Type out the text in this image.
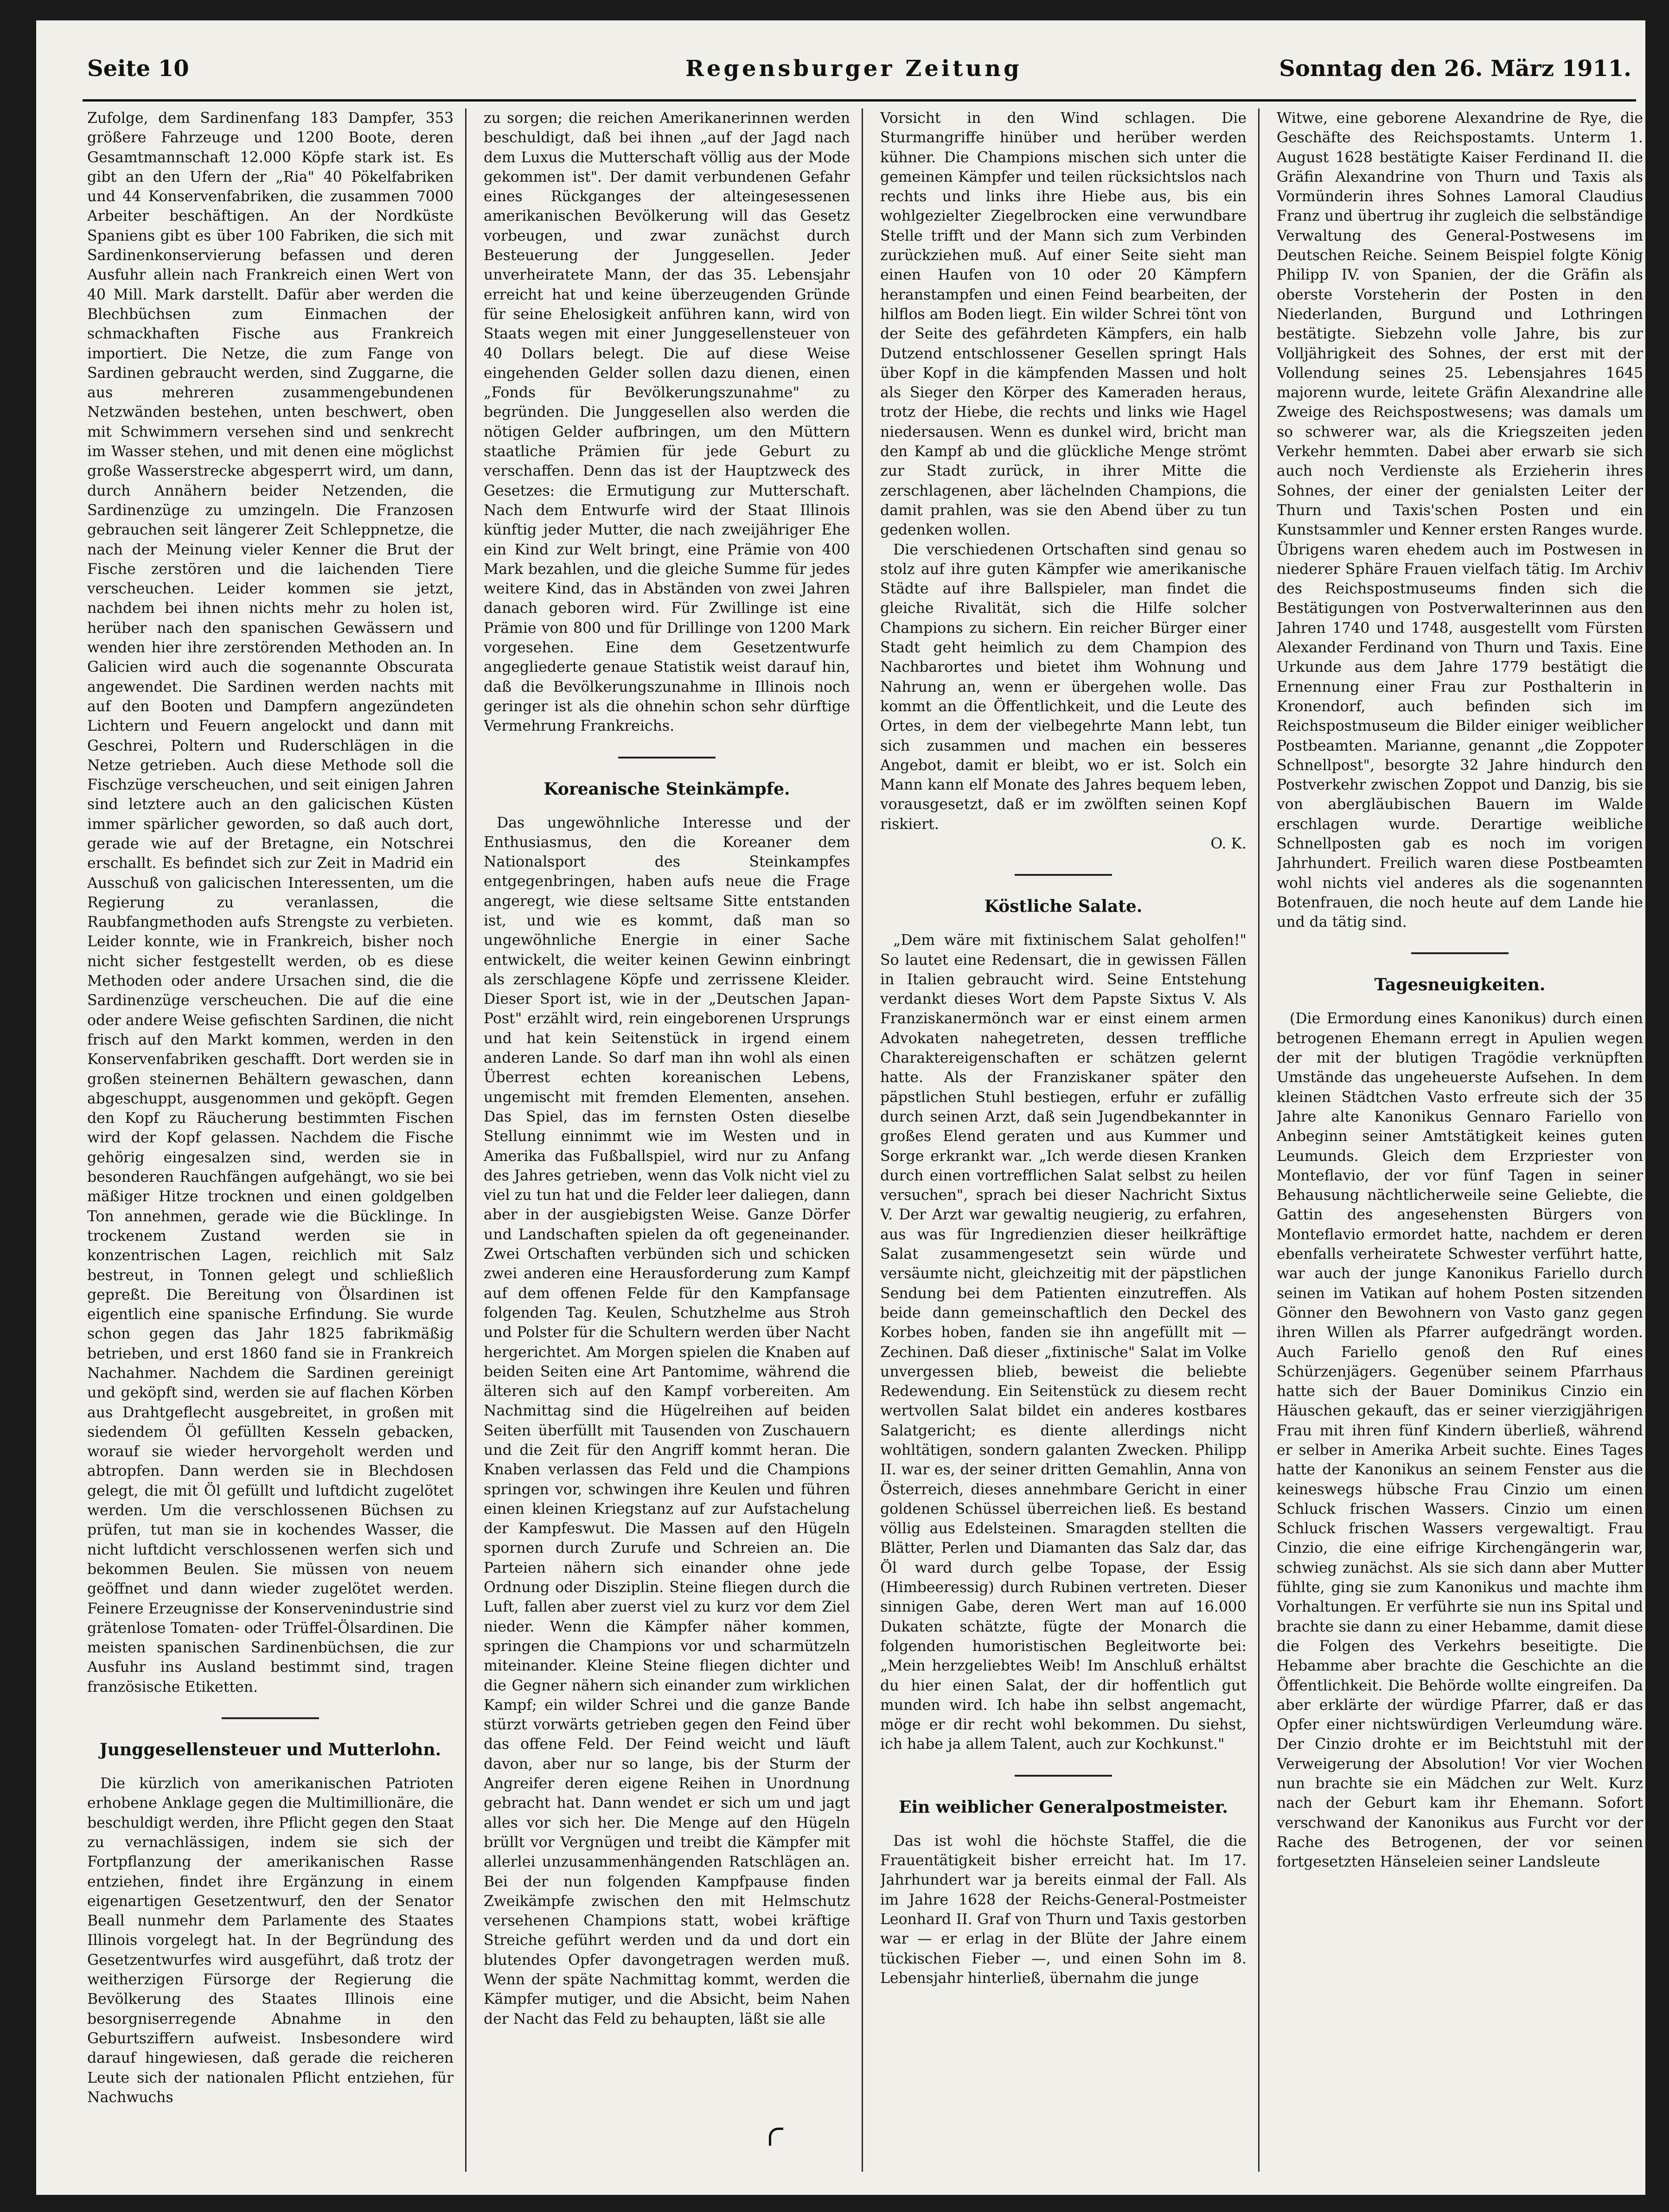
Seite 10	Regensburger Zeitung	Sonntag den 26. März 1911.

Zufolge, dem Sardinenfang 183 Dampfer, 353 größere Fahrzeuge und 1200 Boote, deren Gesamtmannschaft 12.000 Köpfe stark ist. Es gibt an den Ufern der „Ria" 40 Pökelfabriken und 44 Konservenfabriken, die zusammen 7000 Arbeiter beschäftigen. An der Nordküste Spaniens gibt es über 100 Fabriken, die sich mit Sardinenkonservierung befassen und deren Ausfuhr allein nach Frankreich einen Wert von 40 Mill. Mark darstellt. Dafür aber werden die Blechbüchsen zum Einmachen der schmackhaften Fische aus Frankreich importiert. Die Netze, die zum Fange von Sardinen gebraucht werden, sind Zuggarne, die aus mehreren zusammengebundenen Netzwänden bestehen, unten beschwert, oben mit Schwimmern versehen sind und senkrecht im Wasser stehen, und mit denen eine möglichst große Wasserstrecke abgesperrt wird, um dann, durch Annähern beider Netzenden, die Sardinenzüge zu umzingeln. Die Franzosen gebrauchen seit längerer Zeit Schleppnetze, die nach der Meinung vieler Kenner die Brut der Fische zerstören und die laichenden Tiere verscheuchen. Leider kommen sie jetzt, nachdem bei ihnen nichts mehr zu holen ist, herüber nach den spanischen Gewässern und wenden hier ihre zerstörenden Methoden an. In Galicien wird auch die sogenannte Obscurata angewendet. Die Sardinen werden nachts mit auf den Booten und Dampfern angezündeten Lichtern und Feuern angelockt und dann mit Geschrei, Poltern und Ruderschlägen in die Netze getrieben. Auch diese Methode soll die Fischzüge verscheuchen, und seit einigen Jahren sind letztere auch an den galicischen Küsten immer spärlicher geworden, so daß auch dort, gerade wie auf der Bretagne, ein Notschrei erschallt. Es befindet sich zur Zeit in Madrid ein Ausschuß von galicischen Interessenten, um die Regierung zu veranlassen, die Raubfangmethoden aufs Strengste zu verbieten. Leider konnte, wie in Frankreich, bisher noch nicht sicher festgestellt werden, ob es diese Methoden oder andere Ursachen sind, die die Sardinenzüge verscheuchen. Die auf die eine oder andere Weise gefischten Sardinen, die nicht frisch auf den Markt kommen, werden in den Konservenfabriken geschafft. Dort werden sie in großen steinernen Behältern gewaschen, dann abgeschuppt, ausgenommen und geköpft. Gegen den Kopf zu Räucherung bestimmten Fischen wird der Kopf gelassen. Nachdem die Fische gehörig eingesalzen sind, werden sie in besonderen Rauchfängen aufgehängt, wo sie bei mäßiger Hitze trocknen und einen goldgelben Ton annehmen, gerade wie die Bücklinge. In trockenem Zustand werden sie in konzentrischen Lagen, reichlich mit Salz bestreut, in Tonnen gelegt und schließlich gepreßt. Die Bereitung von Ölsardinen ist eigentlich eine spanische Erfindung. Sie wurde schon gegen das Jahr 1825 fabrikmäßig betrieben, und erst 1860 fand sie in Frankreich Nachahmer. Nachdem die Sardinen gereinigt und geköpft sind, werden sie auf flachen Körben aus Drahtgeflecht ausgebreitet, in großen mit siedendem Öl gefüllten Kesseln gebacken, worauf sie wieder hervorgeholt werden und abtropfen. Dann werden sie in Blechdosen gelegt, die mit Öl gefüllt und luftdicht zugelötet werden. Um die verschlossenen Büchsen zu prüfen, tut man sie in kochendes Wasser, die nicht luftdicht verschlossenen werfen sich und bekommen Beulen. Sie müssen von neuem geöffnet und dann wieder zugelötet werden. Feinere Erzeugnisse der Konservenindustrie sind grätenlose Tomaten- oder Trüffel-Ölsardinen. Die meisten spanischen Sardinenbüchsen, die zur Ausfuhr ins Ausland bestimmt sind, tragen französische Etiketten.

Junggesellensteuer und Mutterlohn.

Die kürzlich von amerikanischen Patrioten erhobene Anklage gegen die Multimillionäre, die beschuldigt werden, ihre Pflicht gegen den Staat zu vernachlässigen, indem sie sich der Fortpflanzung der amerikanischen Rasse entziehen, findet ihre Ergänzung in einem eigenartigen Gesetzentwurf, den der Senator Beall nunmehr dem Parlamente des Staates Illinois vorgelegt hat. In der Begründung des Gesetzentwurfes wird ausgeführt, daß trotz der weitherzigen Fürsorge der Regierung die Bevölkerung des Staates Illinois eine besorgniserregende Abnahme in den Geburtsziffern aufweist. Insbesondere wird darauf hingewiesen, daß gerade die reicheren Leute sich der nationalen Pflicht entziehen, für Nachwuchs

zu sorgen; die reichen Amerikanerinnen werden beschuldigt, daß bei ihnen „auf der Jagd nach dem Luxus die Mutterschaft völlig aus der Mode gekommen ist". Der damit verbundenen Gefahr eines Rückganges der alteingesessenen amerikanischen Bevölkerung will das Gesetz vorbeugen, und zwar zunächst durch Besteuerung der Junggesellen. Jeder unverheiratete Mann, der das 35. Lebensjahr erreicht hat und keine überzeugenden Gründe für seine Ehelosigkeit anführen kann, wird von Staats wegen mit einer Junggesellensteuer von 40 Dollars belegt. Die auf diese Weise eingehenden Gelder sollen dazu dienen, einen „Fonds für Bevölkerungszunahme" zu begründen. Die Junggesellen also werden die nötigen Gelder aufbringen, um den Müttern staatliche Prämien für jede Geburt zu verschaffen. Denn das ist der Hauptzweck des Gesetzes: die Ermutigung zur Mutterschaft. Nach dem Entwurfe wird der Staat Illinois künftig jeder Mutter, die nach zweijähriger Ehe ein Kind zur Welt bringt, eine Prämie von 400 Mark bezahlen, und die gleiche Summe für jedes weitere Kind, das in Abständen von zwei Jahren danach geboren wird. Für Zwillinge ist eine Prämie von 800 und für Drillinge von 1200 Mark vorgesehen. Eine dem Gesetzentwurfe angegliederte genaue Statistik weist darauf hin, daß die Bevölkerungszunahme in Illinois noch geringer ist als die ohnehin schon sehr dürftige Vermehrung Frankreichs.

Koreanische Steinkämpfe.

Das ungewöhnliche Interesse und der Enthusiasmus, den die Koreaner dem Nationalsport des Steinkampfes entgegenbringen, haben aufs neue die Frage angeregt, wie diese seltsame Sitte entstanden ist, und wie es kommt, daß man so ungewöhnliche Energie in einer Sache entwickelt, die weiter keinen Gewinn einbringt als zerschlagene Köpfe und zerrissene Kleider. Dieser Sport ist, wie in der „Deutschen Japan-Post" erzählt wird, rein eingeborenen Ursprungs und hat kein Seitenstück in irgend einem anderen Lande. So darf man ihn wohl als einen Überrest echten koreanischen Lebens, ungemischt mit fremden Elementen, ansehen. Das Spiel, das im fernsten Osten dieselbe Stellung einnimmt wie im Westen und in Amerika das Fußballspiel, wird nur zu Anfang des Jahres getrieben, wenn das Volk nicht viel zu viel zu tun hat und die Felder leer daliegen, dann aber in der ausgiebigsten Weise. Ganze Dörfer und Landschaften spielen da oft gegeneinander. Zwei Ortschaften verbünden sich und schicken zwei anderen eine Herausforderung zum Kampf auf dem offenen Felde für den Kampfansage folgenden Tag. Keulen, Schutzhelme aus Stroh und Polster für die Schultern werden über Nacht hergerichtet. Am Morgen spielen die Knaben auf beiden Seiten eine Art Pantomime, während die älteren sich auf den Kampf vorbereiten. Am Nachmittag sind die Hügelreihen auf beiden Seiten überfüllt mit Tausenden von Zuschauern und die Zeit für den Angriff kommt heran. Die Knaben verlassen das Feld und die Champions springen vor, schwingen ihre Keulen und führen einen kleinen Kriegstanz auf zur Aufstachelung der Kampfeswut. Die Massen auf den Hügeln spornen durch Zurufe und Schreien an. Die Parteien nähern sich einander ohne jede Ordnung oder Disziplin. Steine fliegen durch die Luft, fallen aber zuerst viel zu kurz vor dem Ziel nieder. Wenn die Kämpfer näher kommen, springen die Champions vor und scharmützeln miteinander. Kleine Steine fliegen dichter und die Gegner nähern sich einander zum wirklichen Kampf; ein wilder Schrei und die ganze Bande stürzt vorwärts getrieben gegen den Feind über das offene Feld. Der Feind weicht und läuft davon, aber nur so lange, bis der Sturm der Angreifer deren eigene Reihen in Unordnung gebracht hat. Dann wendet er sich um und jagt alles vor sich her. Die Menge auf den Hügeln brüllt vor Vergnügen und treibt die Kämpfer mit allerlei unzusammenhängenden Ratschlägen an. Bei der nun folgenden Kampfpause finden Zweikämpfe zwischen den mit Helmschutz versehenen Champions statt, wobei kräftige Streiche geführt werden und da und dort ein blutendes Opfer davongetragen werden muß. Wenn der späte Nachmittag kommt, werden die Kämpfer mutiger, und die Absicht, beim Nahen der Nacht das Feld zu behaupten, läßt sie alle

Vorsicht in den Wind schlagen. Die Sturmangriffe hinüber und herüber werden kühner. Die Champions mischen sich unter die gemeinen Kämpfer und teilen rücksichtslos nach rechts und links ihre Hiebe aus, bis ein wohlgezielter Ziegelbrocken eine verwundbare Stelle trifft und der Mann sich zum Verbinden zurückziehen muß. Auf einer Seite sieht man einen Haufen von 10 oder 20 Kämpfern heranstampfen und einen Feind bearbeiten, der hilflos am Boden liegt. Ein wilder Schrei tönt von der Seite des gefährdeten Kämpfers, ein halb Dutzend entschlossener Gesellen springt Hals über Kopf in die kämpfenden Massen und holt als Sieger den Körper des Kameraden heraus, trotz der Hiebe, die rechts und links wie Hagel niedersausen. Wenn es dunkel wird, bricht man den Kampf ab und die glückliche Menge strömt zur Stadt zurück, in ihrer Mitte die zerschlagenen, aber lächelnden Champions, die damit prahlen, was sie den Abend über zu tun gedenken wollen.

Die verschiedenen Ortschaften sind genau so stolz auf ihre guten Kämpfer wie amerikanische Städte auf ihre Ballspieler, man findet die gleiche Rivalität, sich die Hilfe solcher Champions zu sichern. Ein reicher Bürger einer Stadt geht heimlich zu dem Champion des Nachbarortes und bietet ihm Wohnung und Nahrung an, wenn er übergehen wolle. Das kommt an die Öffentlichkeit, und die Leute des Ortes, in dem der vielbegehrte Mann lebt, tun sich zusammen und machen ein besseres Angebot, damit er bleibt, wo er ist. Solch ein Mann kann elf Monate des Jahres bequem leben, vorausgesetzt, daß er im zwölften seinen Kopf riskiert.

O. K.

Köstliche Salate.

„Dem wäre mit fixtinischem Salat geholfen!" So lautet eine Redensart, die in gewissen Fällen in Italien gebraucht wird. Seine Entstehung verdankt dieses Wort dem Papste Sixtus V. Als Franziskanermönch war er einst einem armen Advokaten nahegetreten, dessen treffliche Charaktereigenschaften er schätzen gelernt hatte. Als der Franziskaner später den päpstlichen Stuhl bestiegen, erfuhr er zufällig durch seinen Arzt, daß sein Jugendbekannter in großes Elend geraten und aus Kummer und Sorge erkrankt war. „Ich werde diesen Kranken durch einen vortrefflichen Salat selbst zu heilen versuchen", sprach bei dieser Nachricht Sixtus V. Der Arzt war gewaltig neugierig, zu erfahren, aus was für Ingredienzien dieser heilkräftige Salat zusammengesetzt sein würde und versäumte nicht, gleichzeitig mit der päpstlichen Sendung bei dem Patienten einzutreffen. Als beide dann gemeinschaftlich den Deckel des Korbes hoben, fanden sie ihn angefüllt mit — Zechinen. Daß dieser „fixtinische" Salat im Volke unvergessen blieb, beweist die beliebte Redewendung. Ein Seitenstück zu diesem recht wertvollen Salat bildet ein anderes kostbares Salatgericht; es diente allerdings nicht wohltätigen, sondern galanten Zwecken. Philipp II. war es, der seiner dritten Gemahlin, Anna von Österreich, dieses annehmbare Gericht in einer goldenen Schüssel überreichen ließ. Es bestand völlig aus Edelsteinen. Smaragden stellten die Blätter, Perlen und Diamanten das Salz dar, das Öl ward durch gelbe Topase, der Essig (Himbeeressig) durch Rubinen vertreten. Dieser sinnigen Gabe, deren Wert man auf 16.000 Dukaten schätzte, fügte der Monarch die folgenden humoristischen Begleitworte bei: „Mein herzgeliebtes Weib! Im Anschluß erhältst du hier einen Salat, der dir hoffentlich gut munden wird. Ich habe ihn selbst angemacht, möge er dir recht wohl bekommen. Du siehst, ich habe ja allem Talent, auch zur Kochkunst."

Ein weiblicher Generalpostmeister.

Das ist wohl die höchste Staffel, die die Frauentätigkeit bisher erreicht hat. Im 17. Jahrhundert war ja bereits einmal der Fall. Als im Jahre 1628 der Reichs-General-Postmeister Leonhard II. Graf von Thurn und Taxis gestorben war — er erlag in der Blüte der Jahre einem tückischen Fieber —, und einen Sohn im 8. Lebensjahr hinterließ, übernahm die junge

Witwe, eine geborene Alexandrine de Rye, die Geschäfte des Reichspostamts. Unterm 1. August 1628 bestätigte Kaiser Ferdinand II. die Gräfin Alexandrine von Thurn und Taxis als Vormünderin ihres Sohnes Lamoral Claudius Franz und übertrug ihr zugleich die selbständige Verwaltung des General-Postwesens im Deutschen Reiche. Seinem Beispiel folgte König Philipp IV. von Spanien, der die Gräfin als oberste Vorsteherin der Posten in den Niederlanden, Burgund und Lothringen bestätigte. Siebzehn volle Jahre, bis zur Volljährigkeit des Sohnes, der erst mit der Vollendung seines 25. Lebensjahres 1645 majorenn wurde, leitete Gräfin Alexandrine alle Zweige des Reichspostwesens; was damals um so schwerer war, als die Kriegszeiten jeden Verkehr hemmten. Dabei aber erwarb sie sich auch noch Verdienste als Erzieherin ihres Sohnes, der einer der genialsten Leiter der Thurn und Taxis'schen Posten und ein Kunstsammler und Kenner ersten Ranges wurde. Übrigens waren ehedem auch im Postwesen in niederer Sphäre Frauen vielfach tätig. Im Archiv des Reichspostmuseums finden sich die Bestätigungen von Postverwalterinnen aus den Jahren 1740 und 1748, ausgestellt vom Fürsten Alexander Ferdinand von Thurn und Taxis. Eine Urkunde aus dem Jahre 1779 bestätigt die Ernennung einer Frau zur Posthalterin in Kronendorf, auch befinden sich im Reichspostmuseum die Bilder einiger weiblicher Postbeamten. Marianne, genannt „die Zoppoter Schnellpost", besorgte 32 Jahre hindurch den Postverkehr zwischen Zoppot und Danzig, bis sie von abergläubischen Bauern im Walde erschlagen wurde. Derartige weibliche Schnellposten gab es noch im vorigen Jahrhundert. Freilich waren diese Postbeamten wohl nichts viel anderes als die sogenannten Botenfrauen, die noch heute auf dem Lande hie und da tätig sind.

Tagesneuigkeiten.

(Die Ermordung eines Kanonikus) durch einen betrogenen Ehemann erregt in Apulien wegen der mit der blutigen Tragödie verknüpften Umstände das ungeheuerste Aufsehen. In dem kleinen Städtchen Vasto erfreute sich der 35 Jahre alte Kanonikus Gennaro Fariello von Anbeginn seiner Amtstätigkeit keines guten Leumunds. Gleich dem Erzpriester von Monteflavio, der vor fünf Tagen in seiner Behausung nächtlicherweile seine Geliebte, die Gattin des angesehensten Bürgers von Monteflavio ermordet hatte, nachdem er deren ebenfalls verheiratete Schwester verführt hatte, war auch der junge Kanonikus Fariello durch seinen im Vatikan auf hohem Posten sitzenden Gönner den Bewohnern von Vasto ganz gegen ihren Willen als Pfarrer aufgedrängt worden. Auch Fariello genoß den Ruf eines Schürzenjägers. Gegenüber seinem Pfarrhaus hatte sich der Bauer Dominikus Cinzio ein Häuschen gekauft, das er seiner vierzigjährigen Frau mit ihren fünf Kindern überließ, während er selber in Amerika Arbeit suchte. Eines Tages hatte der Kanonikus an seinem Fenster aus die keineswegs hübsche Frau Cinzio um einen Schluck frischen Wassers. Cinzio um einen Schluck frischen Wassers vergewaltigt. Frau Cinzio, die eine eifrige Kirchengängerin war, schwieg zunächst. Als sie sich dann aber Mutter fühlte, ging sie zum Kanonikus und machte ihm Vorhaltungen. Er verführte sie nun ins Spital und brachte sie dann zu einer Hebamme, damit diese die Folgen des Verkehrs beseitigte. Die Hebamme aber brachte die Geschichte an die Öffentlichkeit. Die Behörde wollte eingreifen. Da aber erklärte der würdige Pfarrer, daß er das Opfer einer nichtswürdigen Verleumdung wäre. Der Cinzio drohte er im Beichtstuhl mit der Verweigerung der Absolution! Vor vier Wochen nun brachte sie ein Mädchen zur Welt. Kurz nach der Geburt kam ihr Ehemann. Sofort verschwand der Kanonikus aus Furcht vor der Rache des Betrogenen, der vor seinen fortgesetzten Hänseleien seiner Landsleute
